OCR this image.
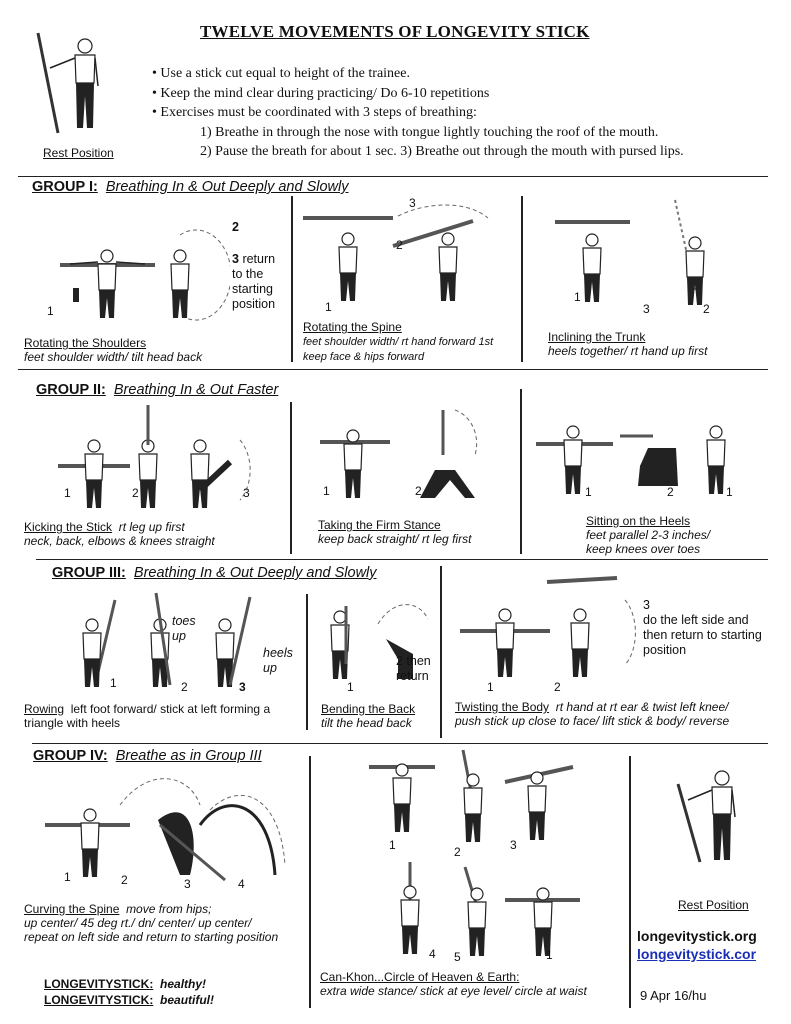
TWELVE MOVEMENTS OF LONGEVITY STICK
• Use a stick cut equal to height of the trainee.
• Keep the mind clear during practicing/ Do 6-10 repetitions
• Exercises must be coordinated with 3 steps of breathing:
1) Breathe in through the nose with tongue lightly touching the roof of the mouth.
2) Pause the breath for about 1 sec. 3) Breathe out through the mouth with pursed lips.
Rest Position
GROUP I: Breathing In & Out Deeply and Slowly
1
2
3 return to the starting position
Rotating the Shoulders
feet shoulder width/ tilt head back
3
2
1
Rotating the Spine
feet shoulder width/ rt hand forward 1st
keep face & hips forward
1
3	2
Inclining the Trunk
heels together/ rt hand up first
GROUP II: Breathing In & Out Faster
1	2	3
Kicking the Stick rt leg up first
neck, back, elbows & knees straight
1	2
Taking the Firm Stance
keep back straight/ rt leg first
1	2	1
Sitting on the Heels
feet parallel 2-3 inches/
keep knees over toes
GROUP III: Breathing In & Out Deeply and Slowly
toes up
heels up
1	2	3
Rowing left foot forward/ stick at left forming a
triangle with heels
2 then return
1
Bending the Back
tilt the head back
1	2
3
do the left side and then return to starting position
Twisting the Body rt hand at rt ear & twist left knee/
push stick up close to face/ lift stick & body/ reverse
GROUP IV: Breathe as in Group III
1	2	3	4
Curving the Spine move from hips;
up center/ 45 deg rt./ dn/ center/ up center/
repeat on left side and return to starting position
LONGEVITYSTICK: healthy!
LONGEVITYSTICK: beautiful!
1	2	3
4 5	1
Can-Khon...Circle of Heaven & Earth:
extra wide stance/ stick at eye level/ circle at waist
Rest Position
longevitystick.org
longevitystick.cor
9 Apr 16/hu
